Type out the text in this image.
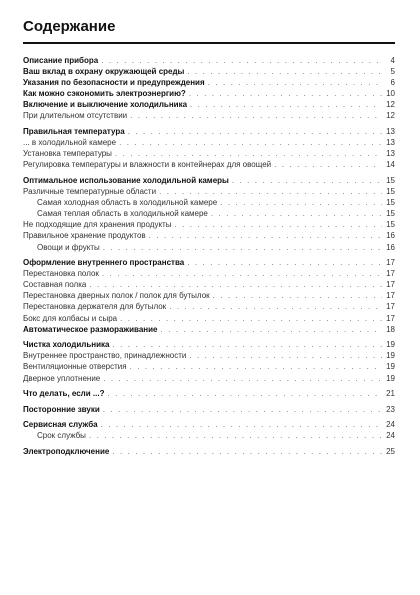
Содержание
Описание прибора . . .	4
Ваш вклад в охрану окружающей среды . . .	5
Указания по безопасности и предупреждения . . .	6
Как можно сэкономить электроэнергию? . . .	10
Включение и выключение холодильника . . .	12
При длительном отсутствии . . .	12
Правильная температура . . .	13
... в холодильной камере . . .	13
Установка температуры . . .	13
Регулировка температуры и влажности в контейнерах для овощей . . .	14
Оптимальное использование холодильной камеры . . .	15
Различные температурные области . . .	15
Самая холодная область в холодильной камере . . .	15
Самая теплая область в холодильной камере . . .	15
Не подходящие для хранения продукты . . .	15
Правильное хранение продуктов . . .	16
Овощи и фрукты . . .	16
Оформление внутреннего пространства . . .	17
Перестановка полок . . .	17
Составная полка . . .	17
Перестановка дверных полок / полок для бутылок . . .	17
Перестановка держателя для бутылок . . .	17
Бокс для колбасы и сыра . . .	17
Автоматическое размораживание . . .	18
Чистка холодильника . . .	19
Внутреннее пространство, принадлежности . . .	19
Вентиляционные отверстия . . .	19
Дверное уплотнение . . .	19
Что делать, если ...? . . .	21
Посторонние звуки . . .	23
Сервисная служба . . .	24
Срок службы . . .	24
Электроподключение . . .	25
